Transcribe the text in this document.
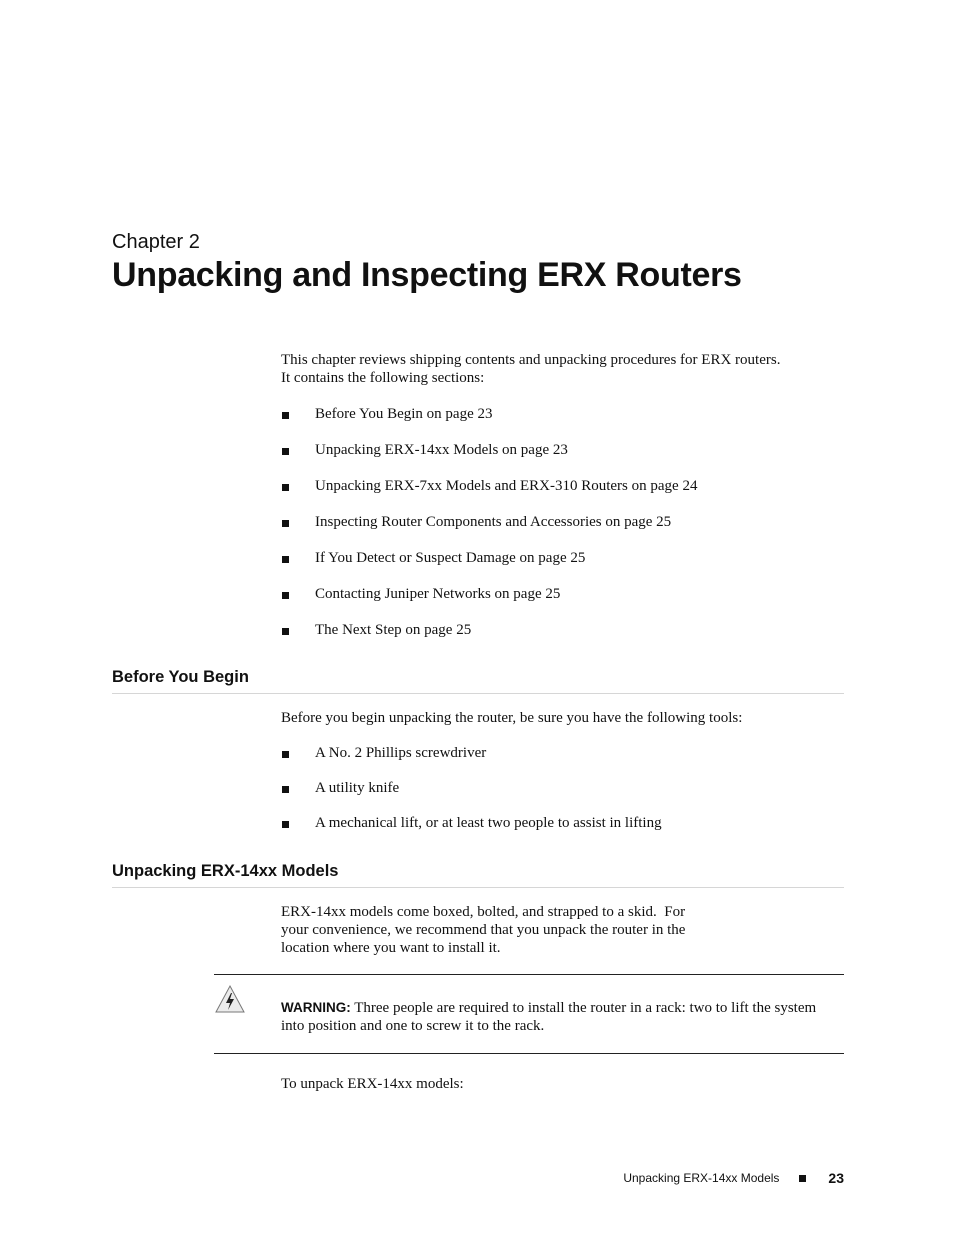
Chapter 2
Unpacking and Inspecting ERX Routers
This chapter reviews shipping contents and unpacking procedures for ERX routers.
It contains the following sections:
Before You Begin on page 23
Unpacking ERX-14xx Models on page 23
Unpacking ERX-7xx Models and ERX-310 Routers on page 24
Inspecting Router Components and Accessories on page 25
If You Detect or Suspect Damage on page 25
Contacting Juniper Networks on page 25
The Next Step on page 25
Before You Begin
Before you begin unpacking the router, be sure you have the following tools:
A No. 2 Phillips screwdriver
A utility knife
A mechanical lift, or at least two people to assist in lifting
Unpacking ERX-14xx Models
ERX-14xx models come boxed, bolted, and strapped to a skid.  For
your convenience, we recommend that you unpack the router in the
location where you want to install it.
WARNING: Three people are required to install the router in a rack: two to lift the system into position and one to screw it to the rack.
To unpack ERX-14xx models:
Unpacking ERX-14xx Models	23
